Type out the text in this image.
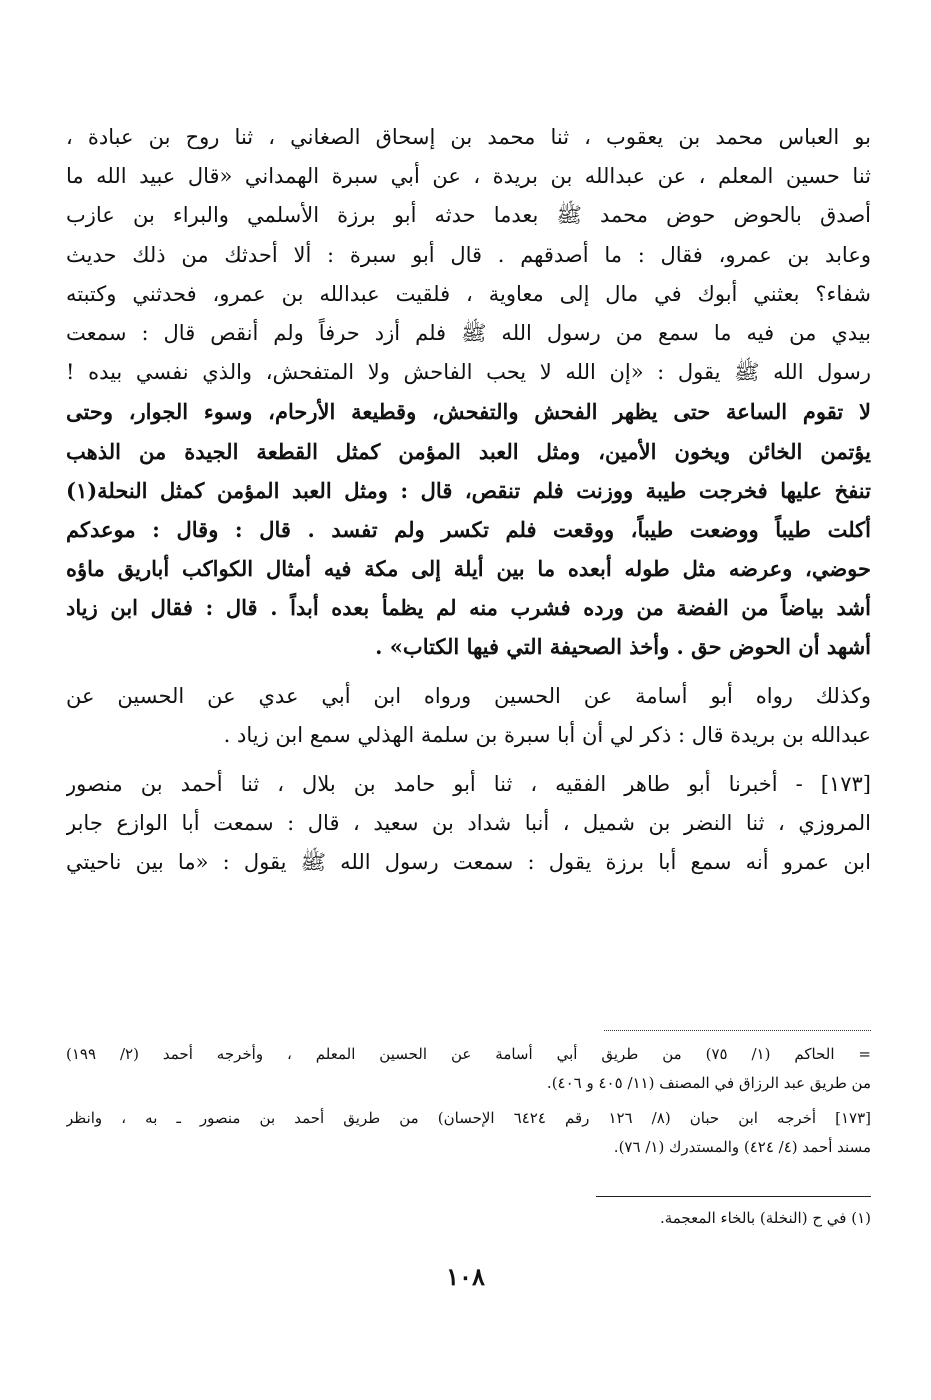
بو العباس محمد بن يعقوب ، ثنا محمد بن إسحاق الصغاني ، ثنا روح بن عبادة ،
ثنا حسين المعلم ، عن عبدالله بن بريدة ، عن أبي سبرة الهمداني «قال عبيد الله ما
أصدق بالحوض حوض محمد ﷺ بعدما حدثه أبو برزة الأسلمي والبراء بن عازب
وعابد بن عمرو، فقال : ما أصدقهم . قال أبو سبرة : ألا أحدثك من ذلك حديث
شفاء؟ بعثني أبوك في مال إلى معاوية ، فلقيت عبدالله بن عمرو، فحدثني وكتبته
بيدي من فيه ما سمع من رسول الله ﷺ فلم أزد حرفاً ولم أنقص قال : سمعت
رسول الله ﷺ يقول : «إن الله لا يحب الفاحش ولا المتفحش، والذي نفسي بيده !
لا تقوم الساعة حتى يظهر الفحش والتفحش، وقطيعة الأرحام، وسوء الجوار، وحتى
يؤتمن الخائن ويخون الأمين، ومثل العبد المؤمن كمثل القطعة الجيدة من الذهب
تنفخ عليها فخرجت طيبة ووزنت فلم تنقص، قال : ومثل العبد المؤمن كمثل النحلة(١)
أكلت طيباً ووضعت طيباً، ووقعت فلم تكسر ولم تفسد . قال : وقال : موعدكم
حوضي، وعرضه مثل طوله أبعده ما بين أيلة إلى مكة فيه أمثال الكواكب أباريق ماؤه
أشد بياضاً من الفضة من ورده فشرب منه لم يظمأ بعده أبداً . قال : فقال ابن زياد
أشهد أن الحوض حق . وأخذ الصحيفة التي فيها الكتاب» .
وكذلك رواه أبو أسامة عن الحسين ورواه ابن أبي عدي عن الحسين عن
عبدالله بن بريدة قال : ذكر لي أن أبا سبرة بن سلمة الهذلي سمع ابن زياد .
[١٧٣] - أخبرنا أبو طاهر الفقيه ، ثنا أبو حامد بن بلال ، ثنا أحمد بن منصور
المروزي ، ثنا النضر بن شميل ، أنبا شداد بن سعيد ، قال : سمعت أبا الوازع جابر
ابن عمرو أنه سمع أبا برزة يقول : سمعت رسول الله ﷺ يقول : «ما بين ناحيتي
= الحاكم (١/ ٧٥) من طريق أبي أسامة عن الحسين المعلم ، وأخرجه أحمد (٢/ ١٩٩)
من طريق عبد الرزاق في المصنف (١١/ ٤٠٥ و ٤٠٦).
[١٧٣] أخرجه ابن حبان (٨/ ١٢٦ رقم ٦٤٢٤ الإحسان) من طريق أحمد بن منصور ـ به ، وانظر
مسند أحمد (٤/ ٤٢٤) والمستدرك (١/ ٧٦).
(١) في ح (النخلة) بالخاء المعجمة.
١٠٨
